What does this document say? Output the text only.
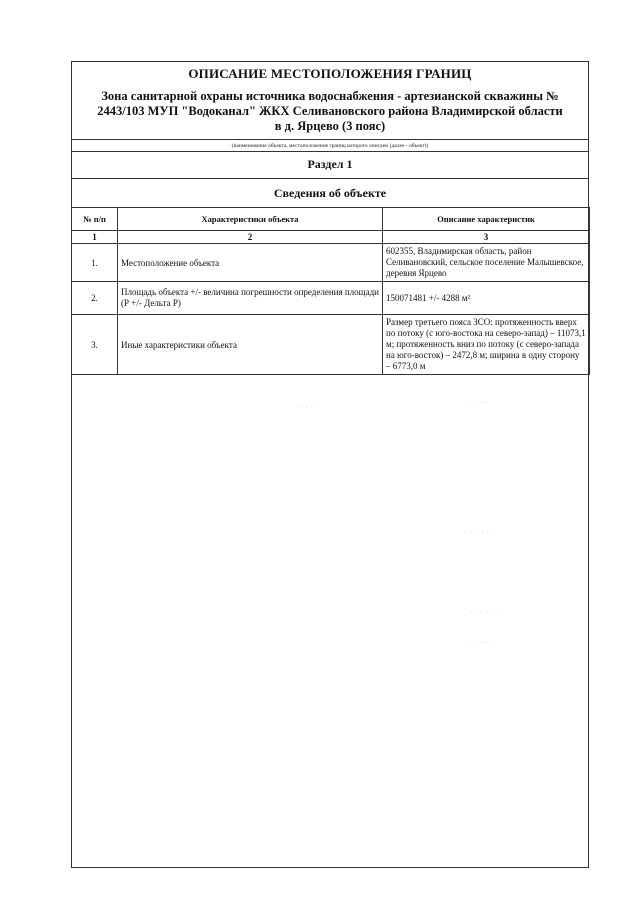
ОПИСАНИЕ МЕСТОПОЛОЖЕНИЯ ГРАНИЦ
Зона санитарной охраны источника водоснабжения - артезианской скважины №
2443/103 МУП "Водоканал" ЖКХ Селивановского района Владимирской области
в д. Ярцево (3 пояс)
(наименование объекта, местоположение границ которого описано (далее - объект))
Раздел 1
Сведения об объекте
№ п/п	Характеристики объекта	Описание характеристик
1	2	3
1.	Местоположение объекта	602355, Владимирская область, район Селивановский, сельское поселение Малышевское, деревня Ярцево
2.	Площадь объекта +/- величина погрешности определения площади (Р +/- Дельта Р)	150071481 +/- 4288 м²
3.	Иные характеристики объекта	Размер третьего пояса ЗСО: протяженность вверх по потоку (с юго-востока на северо-запад) – 11073,1 м; протяженность вниз по потоку (с северо-запада на юго-восток) – 2472,8 м; ширина в одну сторону – 6773,0 м
· · · ·
· · ·
· · · · ·
· · · · · ·
· · · · ·
